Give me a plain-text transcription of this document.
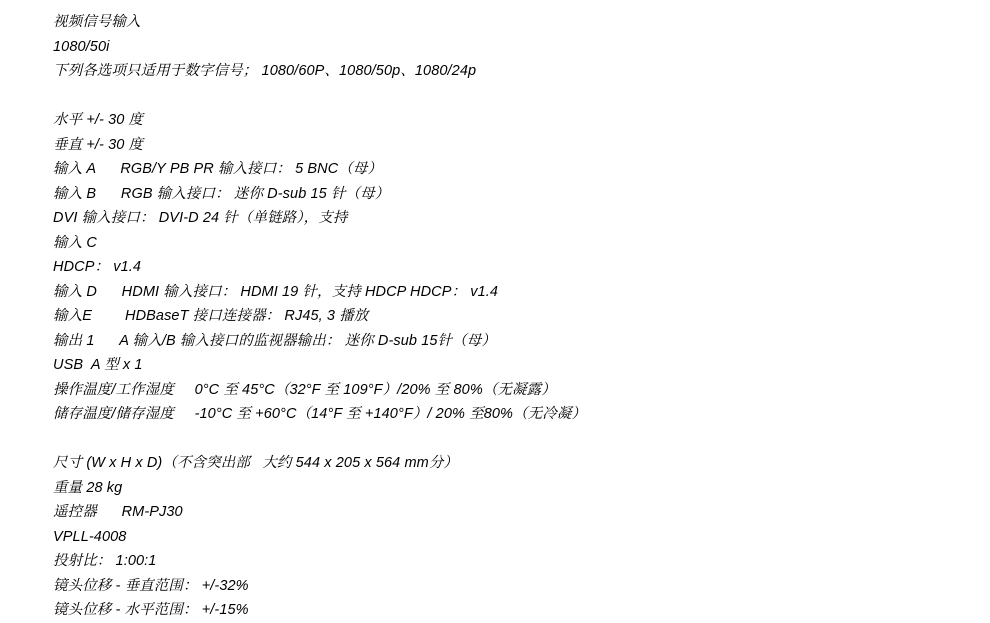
视频信号输入
1080/50i
下列各选项只适用于数字信号； 1080/60P、1080/50p、1080/24p
水平 +/- 30 度
垂直 +/- 30 度
输入 A      RGB/Y PB PR 输入接口： 5 BNC（母）
输入 B      RGB 输入接口： 迷你 D-sub 15 针（母）
DVI 输入接口： DVI-D 24 针（单链路），支持
输入 C
HDCP： v1.4
输入 D      HDMI 输入接口： HDMI 19 针，支持 HDCP HDCP： v1.4
输入E        HDBaseT 接口连接器： RJ45, 3 播放
输出 1      A 输入/B 输入接口的监视器输出： 迷你 D-sub 15针（母）
USB  A 型 x 1
操作温度/工作湿度     0°C 至 45°C（32°F 至 109°F）/20% 至 80%（无凝露）
储存温度/储存湿度     -10°C 至 +60°C（14°F 至 +140°F）/ 20% 至80%（无冷凝）
尺寸 (W x H x D)（不含突出部   大约 544 x 205 x 564 mm分）
重量 28 kg
遥控器      RM-PJ30
VPLL-4008
投射比： 1:00:1
镜头位移 - 垂直范围： +/-32%
镜头位移 - 水平范围： +/-15%
